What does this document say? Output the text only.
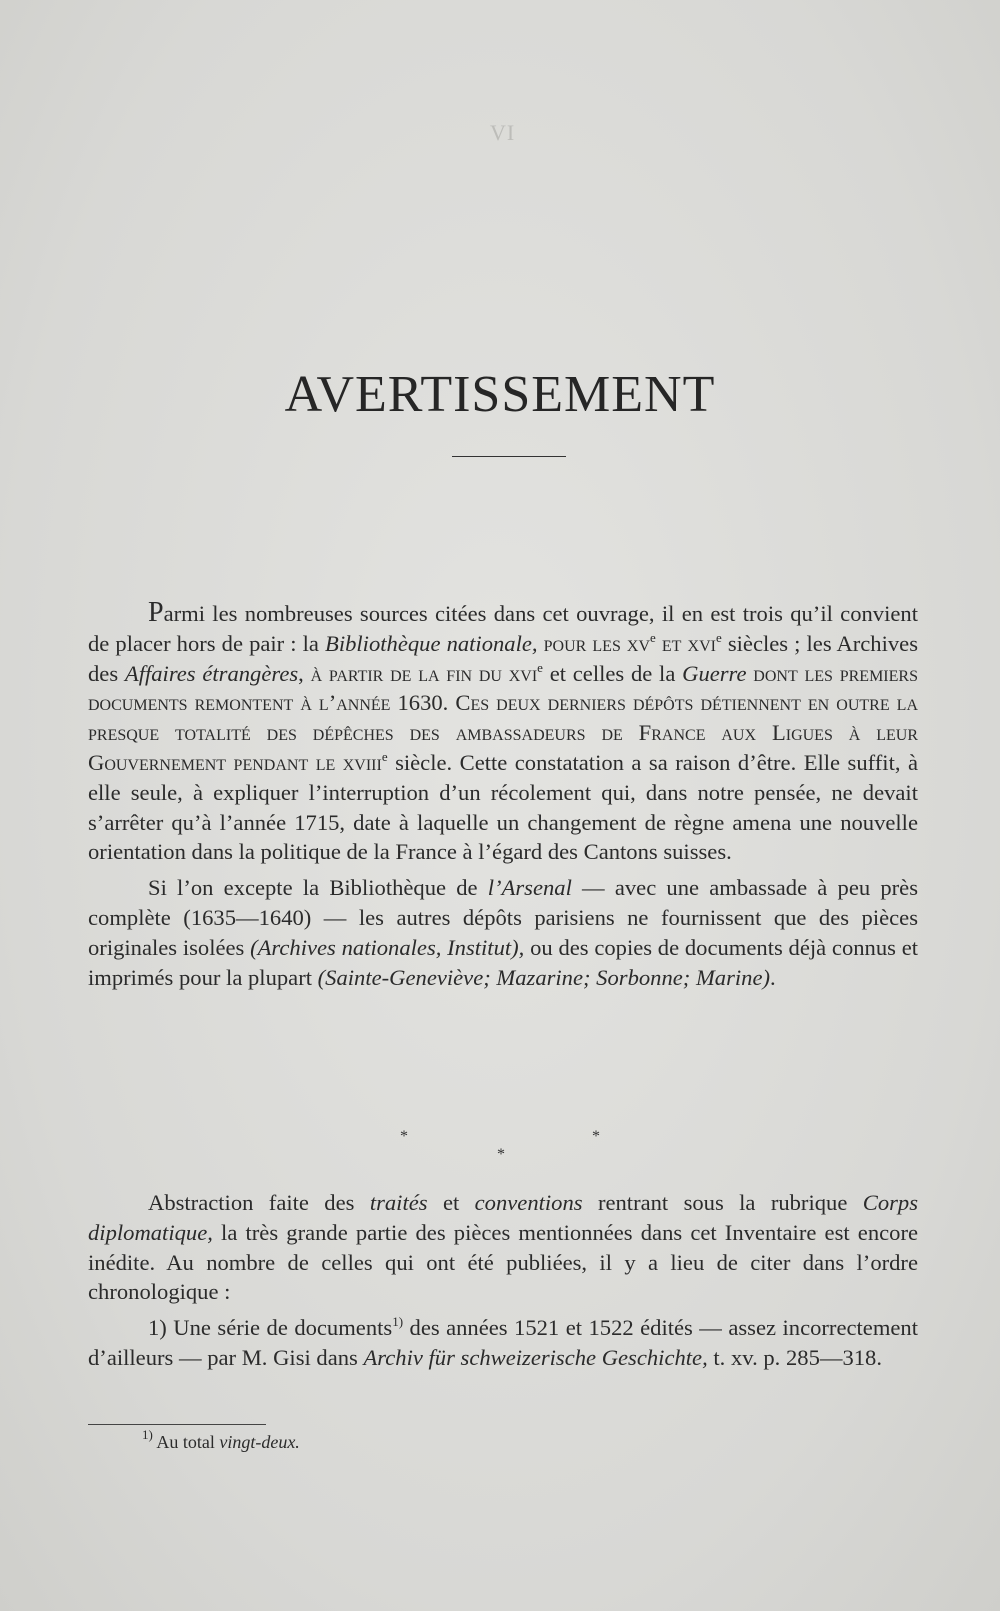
VI
AVERTISSEMENT

Parmi les nombreuses sources citées dans cet ouvrage, il en est trois qu’il convient de placer hors de pair : la Bibliothèque nationale, pour les $xv^e$ et xvi$^e$ siècles ; les Archives des Affaires étrangères, à partir de la fin du xvi$^e$ et celles de la Guerre dont les premiers documents remontent à l’année 1630. Ces deux derniers dépôts détiennent en outre la presque totalité des dépêches des ambassadeurs de France aux Ligues à leur Gouvernement pendant le xviii$^e$ siècle. Cette constatation a sa raison d’être. Elle suffit, à elle seule, à expliquer l’interruption d’un récolement qui, dans notre pensée, ne devait s’arrêter qu’à l’année 1715, date à laquelle un changement de règne amena une nouvelle orientation dans la politique de la France à l’égard des Cantons suisses.

Si l’on excepte la Bibliothèque de l’Arsenal — avec une ambassade à peu près complète (1635—1640) — les autres dépôts parisiens ne fournissent que des pièces originales isolées (Archives nationales, Institut), ou des copies de documents déjà connus et imprimés pour la plupart (Sainte-Geneviève; Mazarine; Sorbonne; Marine).

*	*
*

Abstraction faite des traités et conventions rentrant sous la rubrique Corps diplomatique, la très grande partie des pièces mentionnées dans cet Inventaire est encore inédite. Au nombre de celles qui ont été publiées, il y a lieu de citer dans l’ordre chronologique :

1) Une série de documents$^{1)}$ des années 1521 et 1522 édités — assez incorrectement d’ailleurs — par M. Gisi dans Archiv für schweizerische Geschichte, t. xv. p. 285—318.

$^{1)}$ Au total vingt-deux.
